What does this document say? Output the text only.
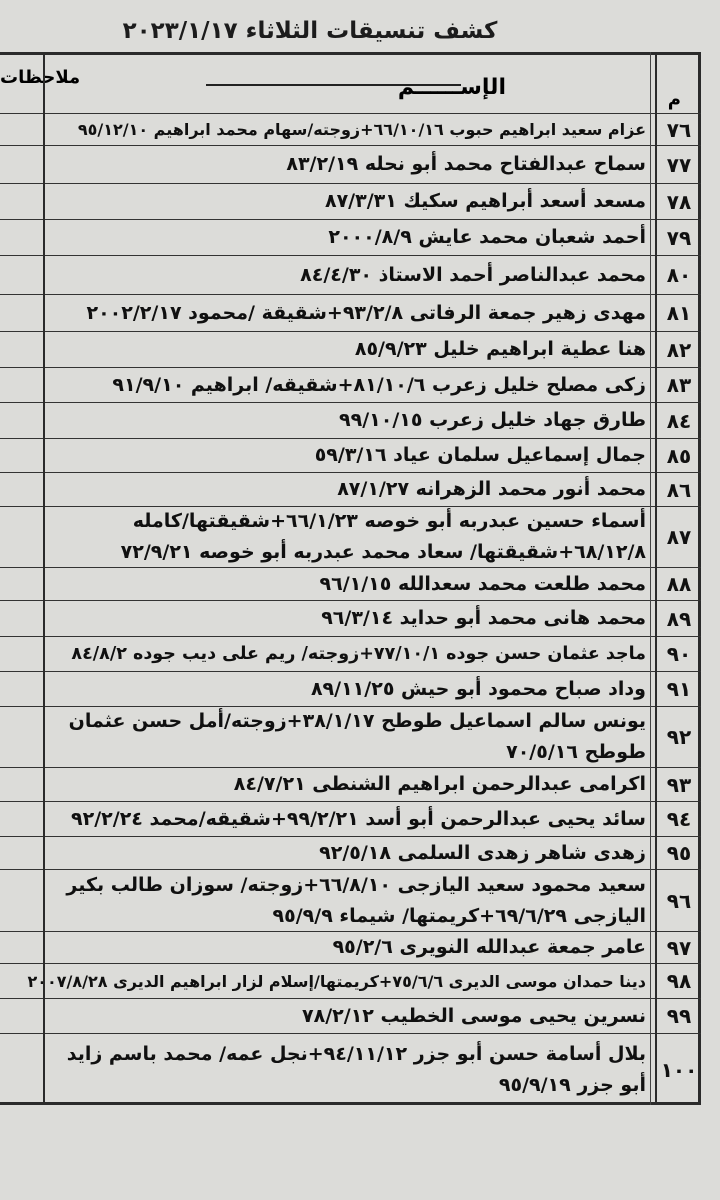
كشف تنسيقات الثلاثاء ٢٠٢٣/١/١٧
م
الإســــــم
ملاحظات
٧٦
عزام سعيد ابراهيم حبوب ٦٦/١٠/١٦+زوجته/سهام محمد ابراهيم ٩٥/١٢/١٠
٧٧
سماح عبدالفتاح محمد أبو نحله ٨٣/٢/١٩
٧٨
مسعد أسعد أبراهيم سكيك ٨٧/٣/٣١
٧٩
أحمد شعبان محمد عايش ٢٠٠٠/٨/٩
٨٠
محمد عبدالناصر أحمد الاستاذ ٨٤/٤/٣٠
٨١
مهدى زهير جمعة الرفاتى ٩٣/٢/٨+شقيقة /محمود ٢٠٠٢/٢/١٧
٨٢
هنا عطية ابراهيم خليل ٨٥/٩/٢٣
٨٣
زكى مصلح خليل زعرب ٨١/١٠/٦+شقيقه/ ابراهيم ٩١/٩/١٠
٨٤
طارق جهاد خليل زعرب ٩٩/١٠/١٥
٨٥
جمال إسماعيل سلمان عياد ٥٩/٣/١٦
٨٦
محمد أنور محمد الزهرانه ٨٧/١/٢٧
٨٧
أسماء حسين عبدربه أبو خوصه ٦٦/١/٢٣+شقيقتها/كامله
٦٨/١٢/٨+شقيقتها/ سعاد محمد عبدربه أبو خوصه ٧٢/٩/٢١
٨٨
محمد طلعت محمد سعدالله ٩٦/١/١٥
٨٩
محمد هانى محمد أبو حدايد ٩٦/٣/١٤
٩٠
ماجد عثمان حسن جوده ٧٧/١٠/١+زوجته/ ريم على ديب جوده ٨٤/٨/٢
٩١
وداد صباح محمود أبو حيش ٨٩/١١/٢٥
٩٢
يونس سالم اسماعيل طوطح ٣٨/١/١٧+زوجته/أمل حسن عثمان
طوطح ٧٠/٥/١٦
٩٣
اكرامى عبدالرحمن ابراهيم الشنطى ٨٤/٧/٢١
٩٤
سائد يحيى عبدالرحمن أبو أسد ٩٩/٢/٢١+شقيقه/محمد ٩٢/٢/٢٤
٩٥
زهدى شاهر زهدى السلمى ٩٢/٥/١٨
٩٦
سعيد محمود سعيد اليازجى ٦٦/٨/١٠+زوجته/ سوزان طالب بكير
اليازجى ٦٩/٦/٢٩+كريمتها/ شيماء ٩٥/٩/٩
٩٧
عامر جمعة عبدالله النويرى ٩٥/٢/٦
٩٨
دينا حمدان موسى الديرى ٧٥/٦/٦+كريمتها/إسلام لزار ابراهيم الديرى ٢٠٠٧/٨/٢٨
٩٩
نسرين يحيى موسى الخطيب ٧٨/٢/١٢
١٠٠
بلال أسامة حسن أبو جزر ٩٤/١١/١٢+نجل عمه/ محمد باسم زايد
أبو جزر ٩٥/٩/١٩
